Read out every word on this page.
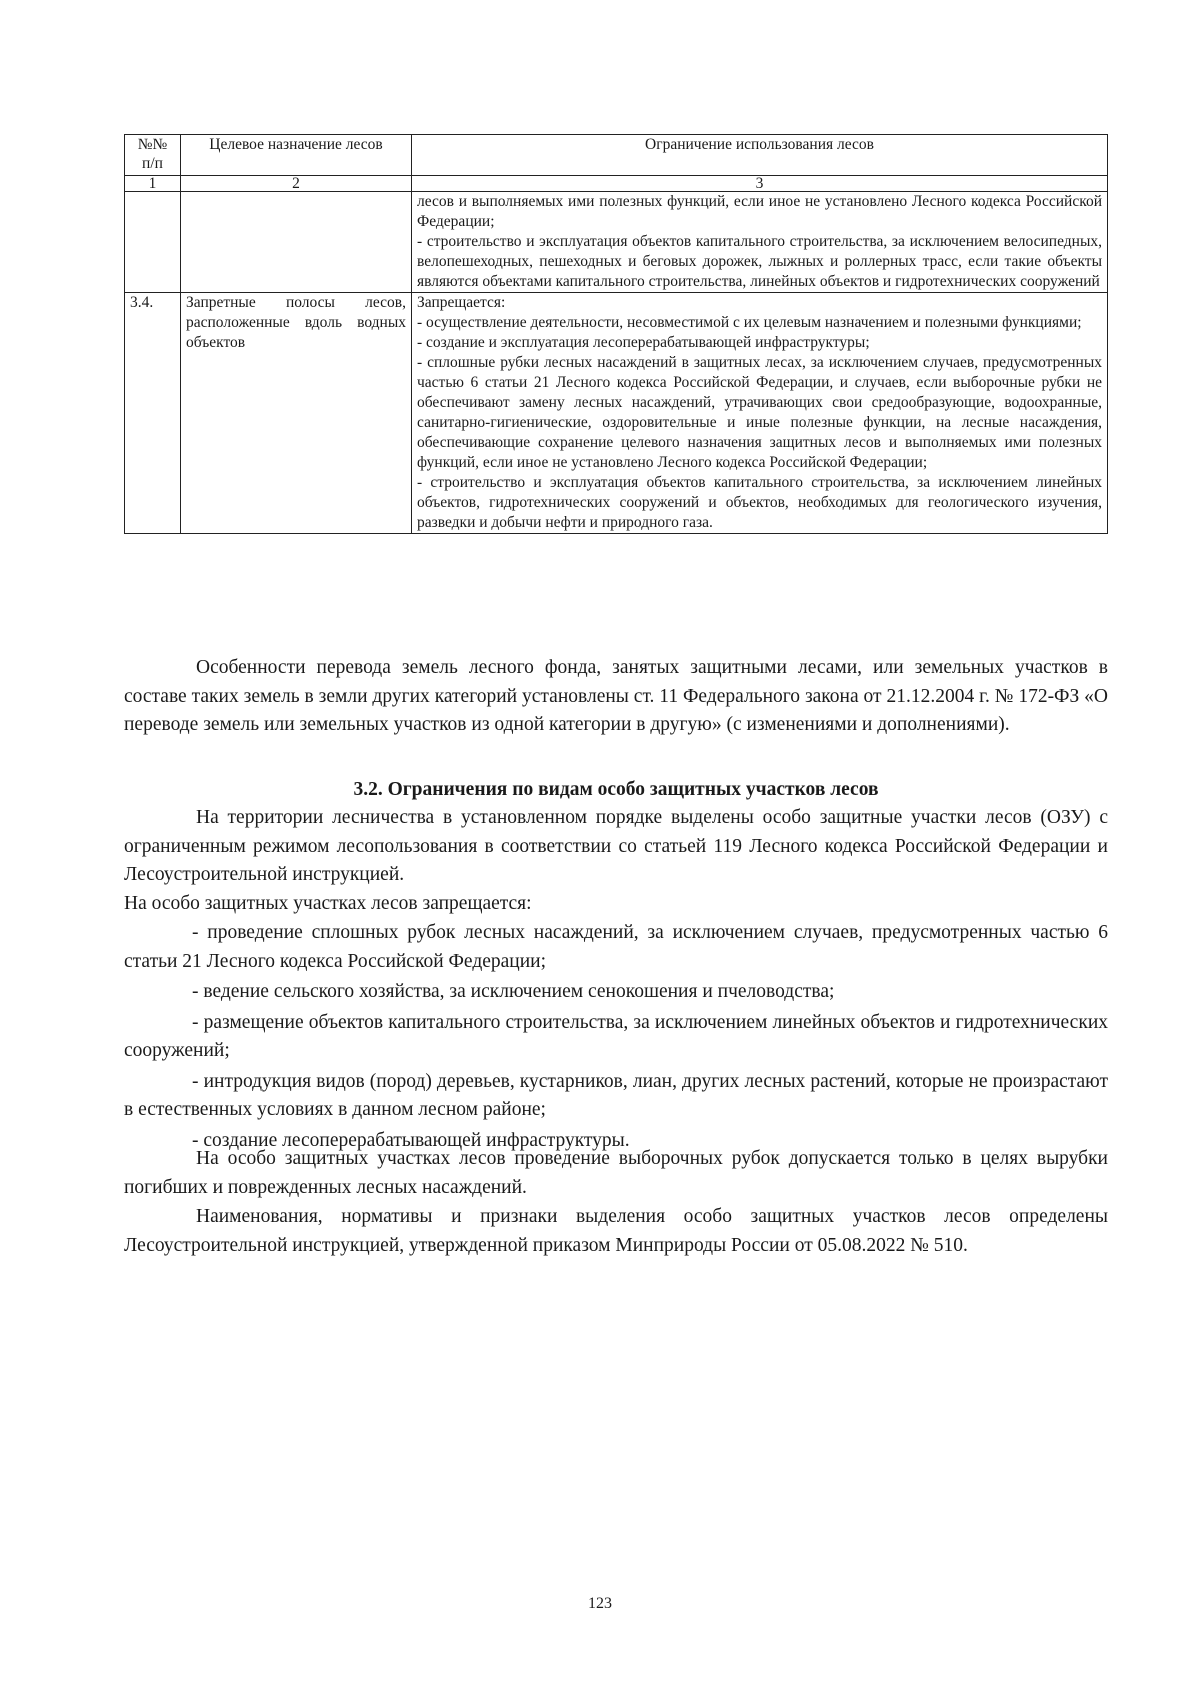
№№ п/п	Целевое назначение лесов	Ограничение использования лесов
1	2	3

		лесов и выполняемых ими полезных функций, если иное не установлено Лесного кодекса Российской Федерации;
- строительство и эксплуатация объектов капитального строительства, за исключением велосипедных, велопешеходных, пешеходных и беговых дорожек, лыжных и роллерных трасс, если такие объекты являются объектами капитального строительства, линейных объектов и гидротехнических сооружений

3.4.	Запретные полосы лесов, расположенные вдоль водных объектов	Запрещается:
- осуществление деятельности, несовместимой с их целевым назначением и полезными функциями;
- создание и эксплуатация лесоперерабатывающей инфраструктуры;
- сплошные рубки лесных насаждений в защитных лесах, за исключением случаев, предусмотренных частью 6 статьи 21 Лесного кодекса Российской Федерации, и случаев, если выборочные рубки не обеспечивают замену лесных насаждений, утрачивающих свои средообразующие, водоохранные, санитарно-гигиенические, оздоровительные и иные полезные функции, на лесные насаждения, обеспечивающие сохранение целевого назначения защитных лесов и выполняемых ими полезных функций, если иное не установлено Лесного кодекса Российской Федерации;
- строительство и эксплуатация объектов капитального строительства, за исключением линейных объектов, гидротехнических сооружений и объектов, необходимых для геологического изучения, разведки и добычи нефти и природного газа.

Особенности перевода земель лесного фонда, занятых защитными лесами, или земельных участков в составе таких земель в земли других категорий установлены ст. 11 Федерального закона от 21.12.2004 г. № 172-ФЗ «О переводе земель или земельных участков из одной категории в другую» (с изменениями и дополнениями).

3.2. Ограничения по видам особо защитных участков лесов

На территории лесничества в установленном порядке выделены особо защитные участки лесов (ОЗУ) с ограниченным режимом лесопользования в соответствии со статьей 119 Лесного кодекса Российской Федерации и Лесоустроительной инструкцией.

На особо защитных участках лесов запрещается:

- проведение сплошных рубок лесных насаждений, за исключением случаев, предусмотренных частью 6 статьи 21 Лесного кодекса Российской Федерации;

- ведение сельского хозяйства, за исключением сенокошения и пчеловодства;

- размещение объектов капитального строительства, за исключением линейных объектов и гидротехнических сооружений;

- интродукция видов (пород) деревьев, кустарников, лиан, других лесных растений, которые не произрастают в естественных условиях в данном лесном районе;

- создание лесоперерабатывающей инфраструктуры.

На особо защитных участках лесов проведение выборочных рубок допускается только в целях вырубки погибших и поврежденных лесных насаждений.

Наименования, нормативы и признаки выделения особо защитных участков лесов определены Лесоустроительной инструкцией, утвержденной приказом Минприроды России от 05.08.2022 № 510.

123
